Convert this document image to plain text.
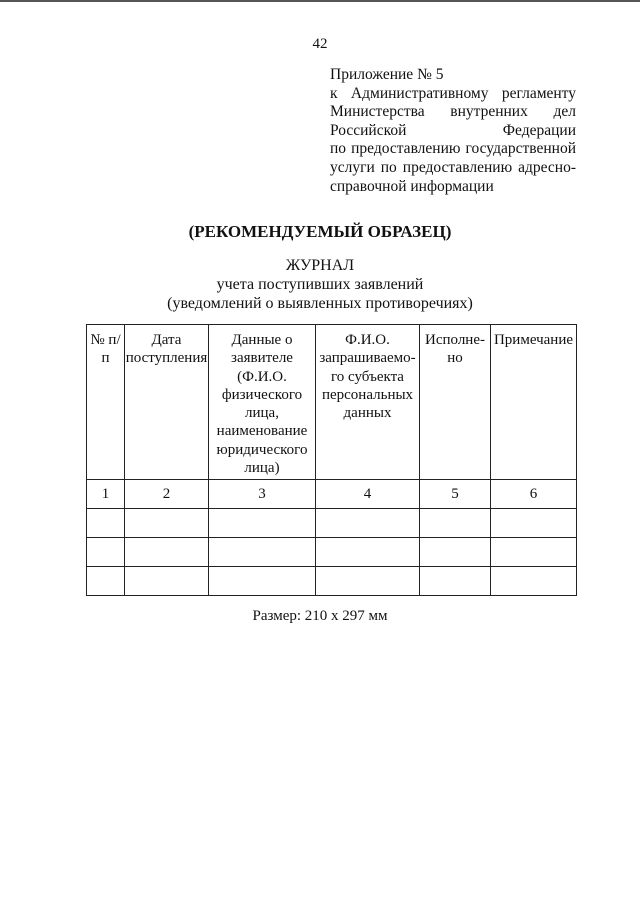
42
Приложение № 5
к Административному регламенту
Министерства внутренних дел
Российской Федерации
по предоставлению государственной
услуги по предоставлению адресно-
справочной информации
(РЕКОМЕНДУЕМЫЙ ОБРАЗЕЦ)
ЖУРНАЛ
учета поступивших заявлений
(уведомлений о выявленных противоречиях)
№ п/п	Дата поступления	Данные о заявителе (Ф.И.О. физического лица, наименование юридического лица)	Ф.И.О. запрашиваемо-го субъекта персональных данных	Исполне-но	Примечание
1	2	3	4	5	6

Размер: 210 х 297 мм
